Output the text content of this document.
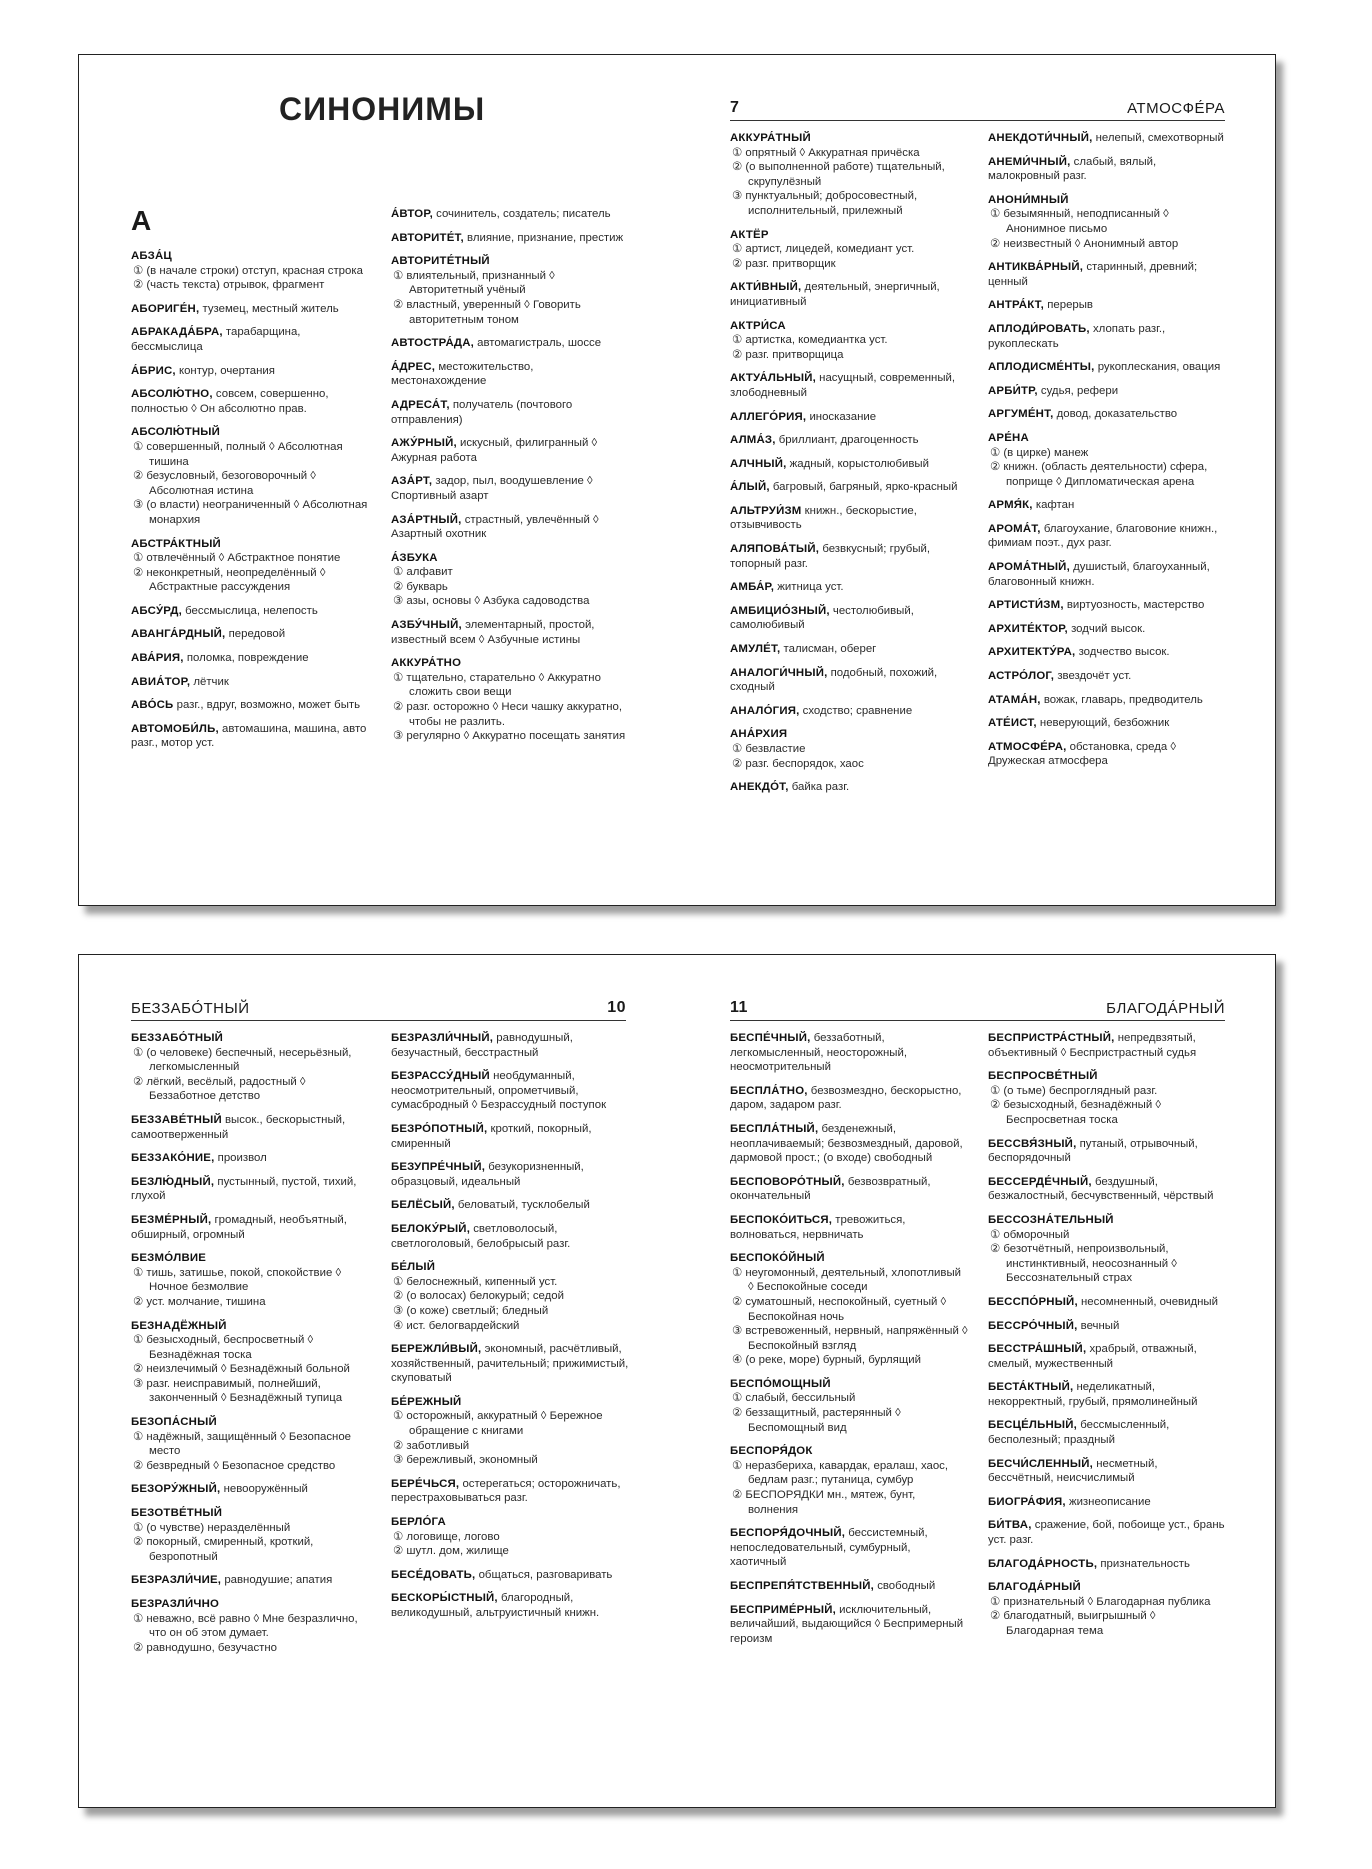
СИНОНИМЫ
А
АБЗА́Ц
① (в начале строки) отступ, красная строка
② (часть текста) отрывок, фрагмент
АБОРИГЕ́Н, туземец, местный житель
АБРАКАДА́БРА, тарабарщина, бессмыслица
А́БРИС, контур, очертания
АБСОЛЮ́ТНО, совсем, совершенно, полностью ◊ Он абсолютно прав.
АБСОЛЮ́ТНЫЙ
① совершенный, полный ◊ Абсолютная тишина
② безусловный, безоговорочный ◊ Абсолютная истина
③ (о власти) неограниченный ◊ Абсолютная монархия
АБСТРА́КТНЫЙ
① отвлечённый ◊ Абстрактное понятие
② неконкретный, неопределённый ◊ Абстрактные рассуждения
АБСУ́РД, бессмыслица, нелепость
АВАНГА́РДНЫЙ, передовой
АВА́РИЯ, поломка, повреждение
АВИА́ТОР, лётчик
АВО́СЬ разг., вдруг, возможно, может быть
АВТОМОБИ́ЛЬ, автомашина, машина, авто разг., мотор уст.
А́ВТОР, сочинитель, создатель; писатель
АВТОРИТЕ́Т, влияние, признание, престиж
АВТОРИТЕ́ТНЫЙ
① влиятельный, признанный ◊ Авторитетный учёный
② властный, уверенный ◊ Говорить авторитетным тоном
АВТОСТРА́ДА, автомагистраль, шоссе
А́ДРЕС, местожительство, местонахождение
АДРЕСА́Т, получатель (почтового отправления)
АЖУ́РНЫЙ, искусный, филигранный ◊ Ажурная работа
АЗА́РТ, задор, пыл, воодушевление ◊ Спортивный азарт
АЗА́РТНЫЙ, страстный, увлечённый ◊ Азартный охотник
А́ЗБУКА
① алфавит
② букварь
③ азы, основы ◊ Азбука садоводства
АЗБУ́ЧНЫЙ, элементарный, простой, известный всем ◊ Азбучные истины
АККУРА́ТНО
① тщательно, старательно ◊ Аккуратно сложить свои вещи
② разг. осторожно ◊ Неси чашку аккуратно, чтобы не разлить.
③ регулярно ◊ Аккуратно посещать занятия
7	АТМОСФЕ́РА
АККУРА́ТНЫЙ
① опрятный ◊ Аккуратная причёска
② (о выполненной работе) тщательный, скрупулёзный
③ пунктуальный; добросовестный, исполнительный, прилежный
АКТЁР
① артист, лицедей, комедиант уст.
② разг. притворщик
АКТИ́ВНЫЙ, деятельный, энергичный, инициативный
АКТРИ́СА
① артистка, комедиантка уст.
② разг. притворщица
АКТУА́ЛЬНЫЙ, насущный, современный, злободневный
АЛЛЕГО́РИЯ, иносказание
АЛМА́З, бриллиант, драгоценность
АЛЧНЫЙ, жадный, корыстолюбивый
А́ЛЫЙ, багровый, багряный, ярко-красный
АЛЬТРУИ́ЗМ книжн., бескорыстие, отзывчивость
АЛЯПОВА́ТЫЙ, безвкусный; грубый, топорный разг.
АМБА́Р, житница уст.
АМБИЦИО́ЗНЫЙ, честолюбивый, самолюбивый
АМУЛЕ́Т, талисман, оберег
АНАЛОГИ́ЧНЫЙ, подобный, похожий, сходный
АНАЛО́ГИЯ, сходство; сравнение
АНА́РХИЯ
① безвластие
② разг. беспорядок, хаос
АНЕКДО́Т, байка разг.
АНЕКДОТИ́ЧНЫЙ, нелепый, смехотворный
АНЕМИ́ЧНЫЙ, слабый, вялый, малокровный разг.
АНОНИ́МНЫЙ
① безымянный, неподписанный ◊ Анонимное письмо
② неизвестный ◊ Анонимный автор
АНТИКВА́РНЫЙ, старинный, древний; ценный
АНТРА́КТ, перерыв
АПЛОДИ́РОВАТЬ, хлопать разг., рукоплескать
АПЛОДИСМЕ́НТЫ, рукоплескания, овация
АРБИ́ТР, судья, рефери
АРГУМЕ́НТ, довод, доказательство
АРЕ́НА
① (в цирке) манеж
② книжн. (область деятельности) сфера, поприще ◊ Дипломатическая арена
АРМЯ́К, кафтан
АРОМА́Т, благоухание, благовоние книжн., фимиам поэт., дух разг.
АРОМА́ТНЫЙ, душистый, благоуханный, благовонный книжн.
АРТИСТИ́ЗМ, виртуозность, мастерство
АРХИТЕ́КТОР, зодчий высок.
АРХИТЕКТУ́РА, зодчество высок.
АСТРО́ЛОГ, звездочёт уст.
АТАМА́Н, вожак, главарь, предводитель
АТЕ́ИСТ, неверующий, безбожник
АТМОСФЕ́РА, обстановка, среда ◊ Дружеская атмосфера
БЕЗЗАБО́ТНЫЙ	10
БЕЗЗАБО́ТНЫЙ
① (о человеке) беспечный, несерьёзный, легкомысленный
② лёгкий, весёлый, радостный ◊ Беззаботное детство
БЕЗЗАВЕ́ТНЫЙ высок., бескорыстный, самоотверженный
БЕЗЗАКО́НИЕ, произвол
БЕЗЛЮ́ДНЫЙ, пустынный, пустой, тихий, глухой
БЕЗМЕ́РНЫЙ, громадный, необъятный, обширный, огромный
БЕЗМО́ЛВИЕ
① тишь, затишье, покой, спокойствие ◊ Ночное безмолвие
② уст. молчание, тишина
БЕЗНАДЁЖНЫЙ
① безысходный, беспросветный ◊ Безнадёжная тоска
② неизлечимый ◊ Безнадёжный больной
③ разг. неисправимый, полнейший, законченный ◊ Безнадёжный тупица
БЕЗОПА́СНЫЙ
① надёжный, защищённый ◊ Безопасное место
② безвредный ◊ Безопасное средство
БЕЗОРУ́ЖНЫЙ, невооружённый
БЕЗОТВЕ́ТНЫЙ
① (о чувстве) неразделённый
② покорный, смиренный, кроткий, безропотный
БЕЗРАЗЛИ́ЧИЕ, равнодушие; апатия
БЕЗРАЗЛИ́ЧНО
① неважно, всё равно ◊ Мне безразлично, что он об этом думает.
② равнодушно, безучастно
БЕЗРАЗЛИ́ЧНЫЙ, равнодушный, безучастный, бесстрастный
БЕЗРАССУ́ДНЫЙ необдуманный, неосмотрительный, опрометчивый, сумасбродный ◊ Безрассудный поступок
БЕЗРО́ПОТНЫЙ, кроткий, покорный, смиренный
БЕЗУПРЕ́ЧНЫЙ, безукоризненный, образцовый, идеальный
БЕЛЁСЫЙ, беловатый, тусклобелый
БЕЛОКУ́РЫЙ, светловолосый, светлоголовый, белобрысый разг.
БЕ́ЛЫЙ
① белоснежный, кипенный уст.
② (о волосах) белокурый; седой
③ (о коже) светлый; бледный
④ ист. белогвардейский
БЕРЕЖЛИ́ВЫЙ, экономный, расчётливый, хозяйственный, рачительный; прижимистый, скуповатый
БЕ́РЕЖНЫЙ
① осторожный, аккуратный ◊ Бережное обращение с книгами
② заботливый
③ бережливый, экономный
БЕРЕ́ЧЬСЯ, остерегаться; осторожничать, перестраховываться разг.
БЕРЛО́ГА
① логовище, логово
② шутл. дом, жилище
БЕСЕ́ДОВАТЬ, общаться, разговаривать
БЕСКОРЫ́СТНЫЙ, благородный, великодушный, альтруистичный книжн.
11	БЛАГОДА́РНЫЙ
БЕСПЕ́ЧНЫЙ, беззаботный, легкомысленный, неосторожный, неосмотрительный
БЕСПЛА́ТНО, безвозмездно, бескорыстно, даром, задаром разг.
БЕСПЛА́ТНЫЙ, безденежный, неоплачиваемый; безвозмездный, даровой, дармовой прост.; (о входе) свободный
БЕСПОВОРО́ТНЫЙ, безвозвратный, окончательный
БЕСПОКО́ИТЬСЯ, тревожиться, волноваться, нервничать
БЕСПОКО́ЙНЫЙ
① неугомонный, деятельный, хлопотливый ◊ Беспокойные соседи
② суматошный, неспокойный, суетный ◊ Беспокойная ночь
③ встревоженный, нервный, напряжённый ◊ Беспокойный взгляд
④ (о реке, море) бурный, бурлящий
БЕСПО́МОЩНЫЙ
① слабый, бессильный
② беззащитный, растерянный ◊ Беспомощный вид
БЕСПОРЯ́ДОК
① неразбериха, кавардак, ералаш, хаос, бедлам разг.; путаница, сумбур
② БЕСПОРЯДКИ мн., мятеж, бунт, волнения
БЕСПОРЯ́ДОЧНЫЙ, бессистемный, непоследовательный, сумбурный, хаотичный
БЕСПРЕПЯ́ТСТВЕННЫЙ, свободный
БЕСПРИМЕ́РНЫЙ, исключительный, величайший, выдающийся ◊ Беспримерный героизм
БЕСПРИСТРА́СТНЫЙ, непредвзятый, объективный ◊ Беспристрастный судья
БЕСПРОСВЕ́ТНЫЙ
① (о тьме) беспроглядный разг.
② безысходный, безнадёжный ◊ Беспросветная тоска
БЕССВЯ́ЗНЫЙ, путаный, отрывочный, беспорядочный
БЕССЕРДЕ́ЧНЫЙ, бездушный, безжалостный, бесчувственный, чёрствый
БЕССОЗНА́ТЕЛЬНЫЙ
① обморочный
② безотчётный, непроизвольный, инстинктивный, неосознанный ◊ Бессознательный страх
БЕССПО́РНЫЙ, несомненный, очевидный
БЕССРО́ЧНЫЙ, вечный
БЕССТРА́ШНЫЙ, храбрый, отважный, смелый, мужественный
БЕСТА́КТНЫЙ, неделикатный, некорректный, грубый, прямолинейный
БЕСЦЕ́ЛЬНЫЙ, бессмысленный, бесполезный; праздный
БЕСЧИ́СЛЕННЫЙ, несметный, бессчётный, неисчислимый
БИОГРА́ФИЯ, жизнеописание
БИ́ТВА, сражение, бой, побоище уст., брань уст. разг.
БЛАГОДА́РНОСТЬ, признательность
БЛАГОДА́РНЫЙ
① признательный ◊ Благодарная публика
② благодатный, выигрышный ◊ Благодарная тема
